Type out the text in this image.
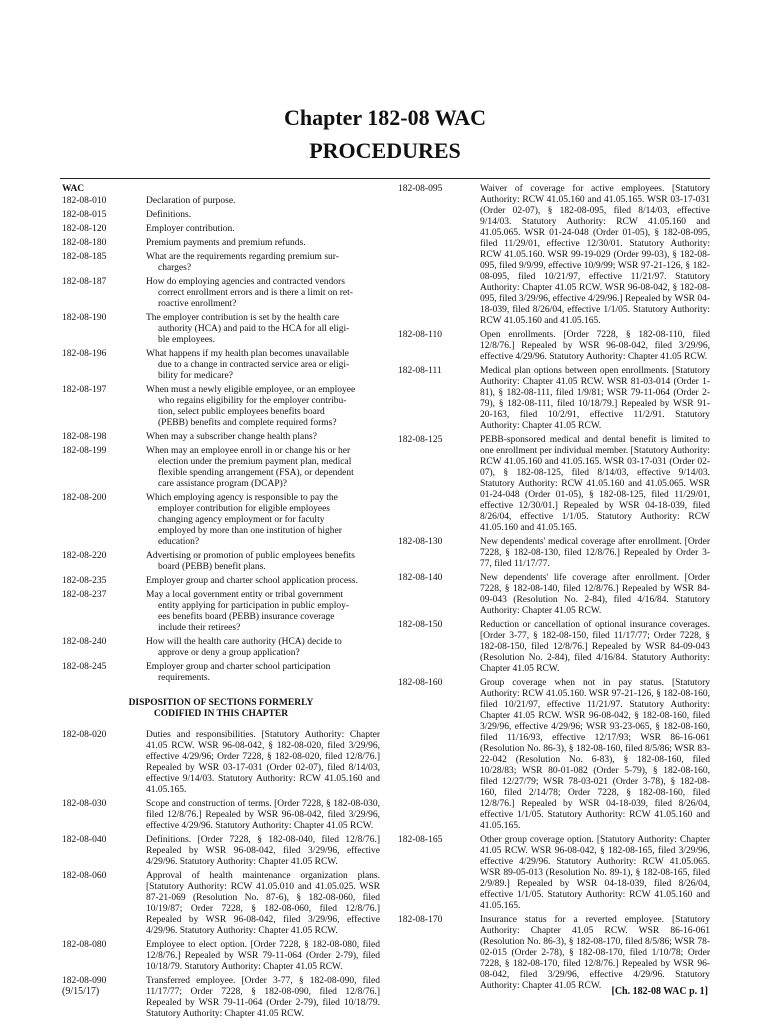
Chapter 182-08 WAC
PROCEDURES
WAC
182-08-010	Declaration of purpose.
182-08-015	Definitions.
182-08-120	Employer contribution.
182-08-180	Premium payments and premium refunds.
182-08-185	What are the requirements regarding premium sur-
charges?
182-08-187	How do employing agencies and contracted vendors
correct enrollment errors and is there a limit on ret-
roactive enrollment?
182-08-190	The employer contribution is set by the health care
authority (HCA) and paid to the HCA for all eligi-
ble employees.
182-08-196	What happens if my health plan becomes unavailable
due to a change in contracted service area or eligi-
bility for medicare?
182-08-197	When must a newly eligible employee, or an employee
who regains eligibility for the employer contribu-
tion, select public employees benefits board
(PEBB) benefits and complete required forms?
182-08-198	When may a subscriber change health plans?
182-08-199	When may an employee enroll in or change his or her
election under the premium payment plan, medical
flexible spending arrangement (FSA), or dependent
care assistance program (DCAP)?
182-08-200	Which employing agency is responsible to pay the
employer contribution for eligible employees
changing agency employment or for faculty
employed by more than one institution of higher
education?
182-08-220	Advertising or promotion of public employees benefits
board (PEBB) benefit plans.
182-08-235	Employer group and charter school application process.
182-08-237	May a local government entity or tribal government
entity applying for participation in public employ-
ees benefits board (PEBB) insurance coverage
include their retirees?
182-08-240	How will the health care authority (HCA) decide to
approve or deny a group application?
182-08-245	Employer group and charter school participation
requirements.
DISPOSITION OF SECTIONS FORMERLY
CODIFIED IN THIS CHAPTER
182-08-020	Duties and responsibilities. [Statutory Authority: Chapter 41.05 RCW. WSR 96-08-042, § 182-08-020, filed 3/29/96, effective 4/29/96; Order 7228, § 182-08-020, filed 12/8/76.] Repealed by WSR 03-17-031 (Order 02-07), filed 8/14/03, effective 9/14/03. Statutory Authority: RCW 41.05.160 and 41.05.165.
182-08-030	Scope and construction of terms. [Order 7228, § 182-08-030, filed 12/8/76.] Repealed by WSR 96-08-042, filed 3/29/96, effective 4/29/96. Statutory Authority: Chapter 41.05 RCW.
182-08-040	Definitions. [Order 7228, § 182-08-040, filed 12/8/76.] Repealed by WSR 96-08-042, filed 3/29/96, effective 4/29/96. Statutory Authority: Chapter 41.05 RCW.
182-08-060	Approval of health maintenance organization plans. [Statutory Authority: RCW 41.05.010 and 41.05.025. WSR 87-21-069 (Resolution No. 87-6), § 182-08-060, filed 10/19/87; Order 7228, § 182-08-060, filed 12/8/76.] Repealed by WSR 96-08-042, filed 3/29/96, effective 4/29/96. Statutory Authority: Chapter 41.05 RCW.
182-08-080	Employee to elect option. [Order 7228, § 182-08-080, filed 12/8/76.] Repealed by WSR 79-11-064 (Order 2-79), filed 10/18/79. Statutory Authority: Chapter 41.05 RCW.
182-08-090	Transferred employee. [Order 3-77, § 182-08-090, filed 11/17/77; Order 7228, § 182-08-090, filed 12/8/76.] Repealed by WSR 79-11-064 (Order 2-79), filed 10/18/79. Statutory Authority: Chapter 41.05 RCW.
182-08-095	Waiver of coverage for active employees. [Statutory Authority: RCW 41.05.160 and 41.05.165. WSR 03-17-031 (Order 02-07), § 182-08-095, filed 8/14/03, effective 9/14/03. Statutory Authority: RCW 41.05.160 and 41.05.065. WSR 01-24-048 (Order 01-05), § 182-08-095, filed 11/29/01, effective 12/30/01. Statutory Authority: RCW 41.05.160. WSR 99-19-029 (Order 99-03), § 182-08-095, filed 9/9/99, effective 10/9/99; WSR 97-21-126, § 182-08-095, filed 10/21/97, effective 11/21/97. Statutory Authority: Chapter 41.05 RCW. WSR 96-08-042, § 182-08-095, filed 3/29/96, effective 4/29/96.] Repealed by WSR 04-18-039, filed 8/26/04, effective 1/1/05. Statutory Authority: RCW 41.05.160 and 41.05.165.
182-08-110	Open enrollments. [Order 7228, § 182-08-110, filed 12/8/76.] Repealed by WSR 96-08-042, filed 3/29/96, effective 4/29/96. Statutory Authority: Chapter 41.05 RCW.
182-08-111	Medical plan options between open enrollments. [Statutory Authority: Chapter 41.05 RCW. WSR 81-03-014 (Order 1-81), § 182-08-111, filed 1/9/81; WSR 79-11-064 (Order 2-79), § 182-08-111, filed 10/18/79.] Repealed by WSR 91-20-163, filed 10/2/91, effective 11/2/91. Statutory Authority: Chapter 41.05 RCW.
182-08-125	PEBB-sponsored medical and dental benefit is limited to one enrollment per individual member. [Statutory Authority: RCW 41.05.160 and 41.05.165. WSR 03-17-031 (Order 02-07), § 182-08-125, filed 8/14/03, effective 9/14/03. Statutory Authority: RCW 41.05.160 and 41.05.065. WSR 01-24-048 (Order 01-05), § 182-08-125, filed 11/29/01, effective 12/30/01.] Repealed by WSR 04-18-039, filed 8/26/04, effective 1/1/05. Statutory Authority: RCW 41.05.160 and 41.05.165.
182-08-130	New dependents' medical coverage after enrollment. [Order 7228, § 182-08-130, filed 12/8/76.] Repealed by Order 3-77, filed 11/17/77.
182-08-140	New dependents' life coverage after enrollment. [Order 7228, § 182-08-140, filed 12/8/76.] Repealed by WSR 84-09-043 (Resolution No. 2-84), filed 4/16/84. Statutory Authority: Chapter 41.05 RCW.
182-08-150	Reduction or cancellation of optional insurance coverages. [Order 3-77, § 182-08-150, filed 11/17/77; Order 7228, § 182-08-150, filed 12/8/76.] Repealed by WSR 84-09-043 (Resolution No. 2-84), filed 4/16/84. Statutory Authority: Chapter 41.05 RCW.
182-08-160	Group coverage when not in pay status. [Statutory Authority: RCW 41.05.160. WSR 97-21-126, § 182-08-160, filed 10/21/97, effective 11/21/97. Statutory Authority: Chapter 41.05 RCW. WSR 96-08-042, § 182-08-160, filed 3/29/96, effective 4/29/96; WSR 93-23-065, § 182-08-160, filed 11/16/93, effective 12/17/93; WSR 86-16-061 (Resolution No. 86-3), § 182-08-160, filed 8/5/86; WSR 83-22-042 (Resolution No. 6-83), § 182-08-160, filed 10/28/83; WSR 80-01-082 (Order 5-79), § 182-08-160, filed 12/27/79; WSR 78-03-021 (Order 3-78), § 182-08-160, filed 2/14/78; Order 7228, § 182-08-160, filed 12/8/76.] Repealed by WSR 04-18-039, filed 8/26/04, effective 1/1/05. Statutory Authority: RCW 41.05.160 and 41.05.165.
182-08-165	Other group coverage option. [Statutory Authority: Chapter 41.05 RCW. WSR 96-08-042, § 182-08-165, filed 3/29/96, effective 4/29/96. Statutory Authority: RCW 41.05.065. WSR 89-05-013 (Resolution No. 89-1), § 182-08-165, filed 2/9/89.] Repealed by WSR 04-18-039, filed 8/26/04, effective 1/1/05. Statutory Authority: RCW 41.05.160 and 41.05.165.
182-08-170	Insurance status for a reverted employee. [Statutory Authority: Chapter 41.05 RCW. WSR 86-16-061 (Resolution No. 86-3), § 182-08-170, filed 8/5/86; WSR 78-02-015 (Order 2-78), § 182-08-170, filed 1/10/78; Order 7228, § 182-08-170, filed 12/8/76.] Repealed by WSR 96-08-042, filed 3/29/96, effective 4/29/96. Statutory Authority: Chapter 41.05 RCW.
(9/15/17)	[Ch. 182-08 WAC p. 1]
